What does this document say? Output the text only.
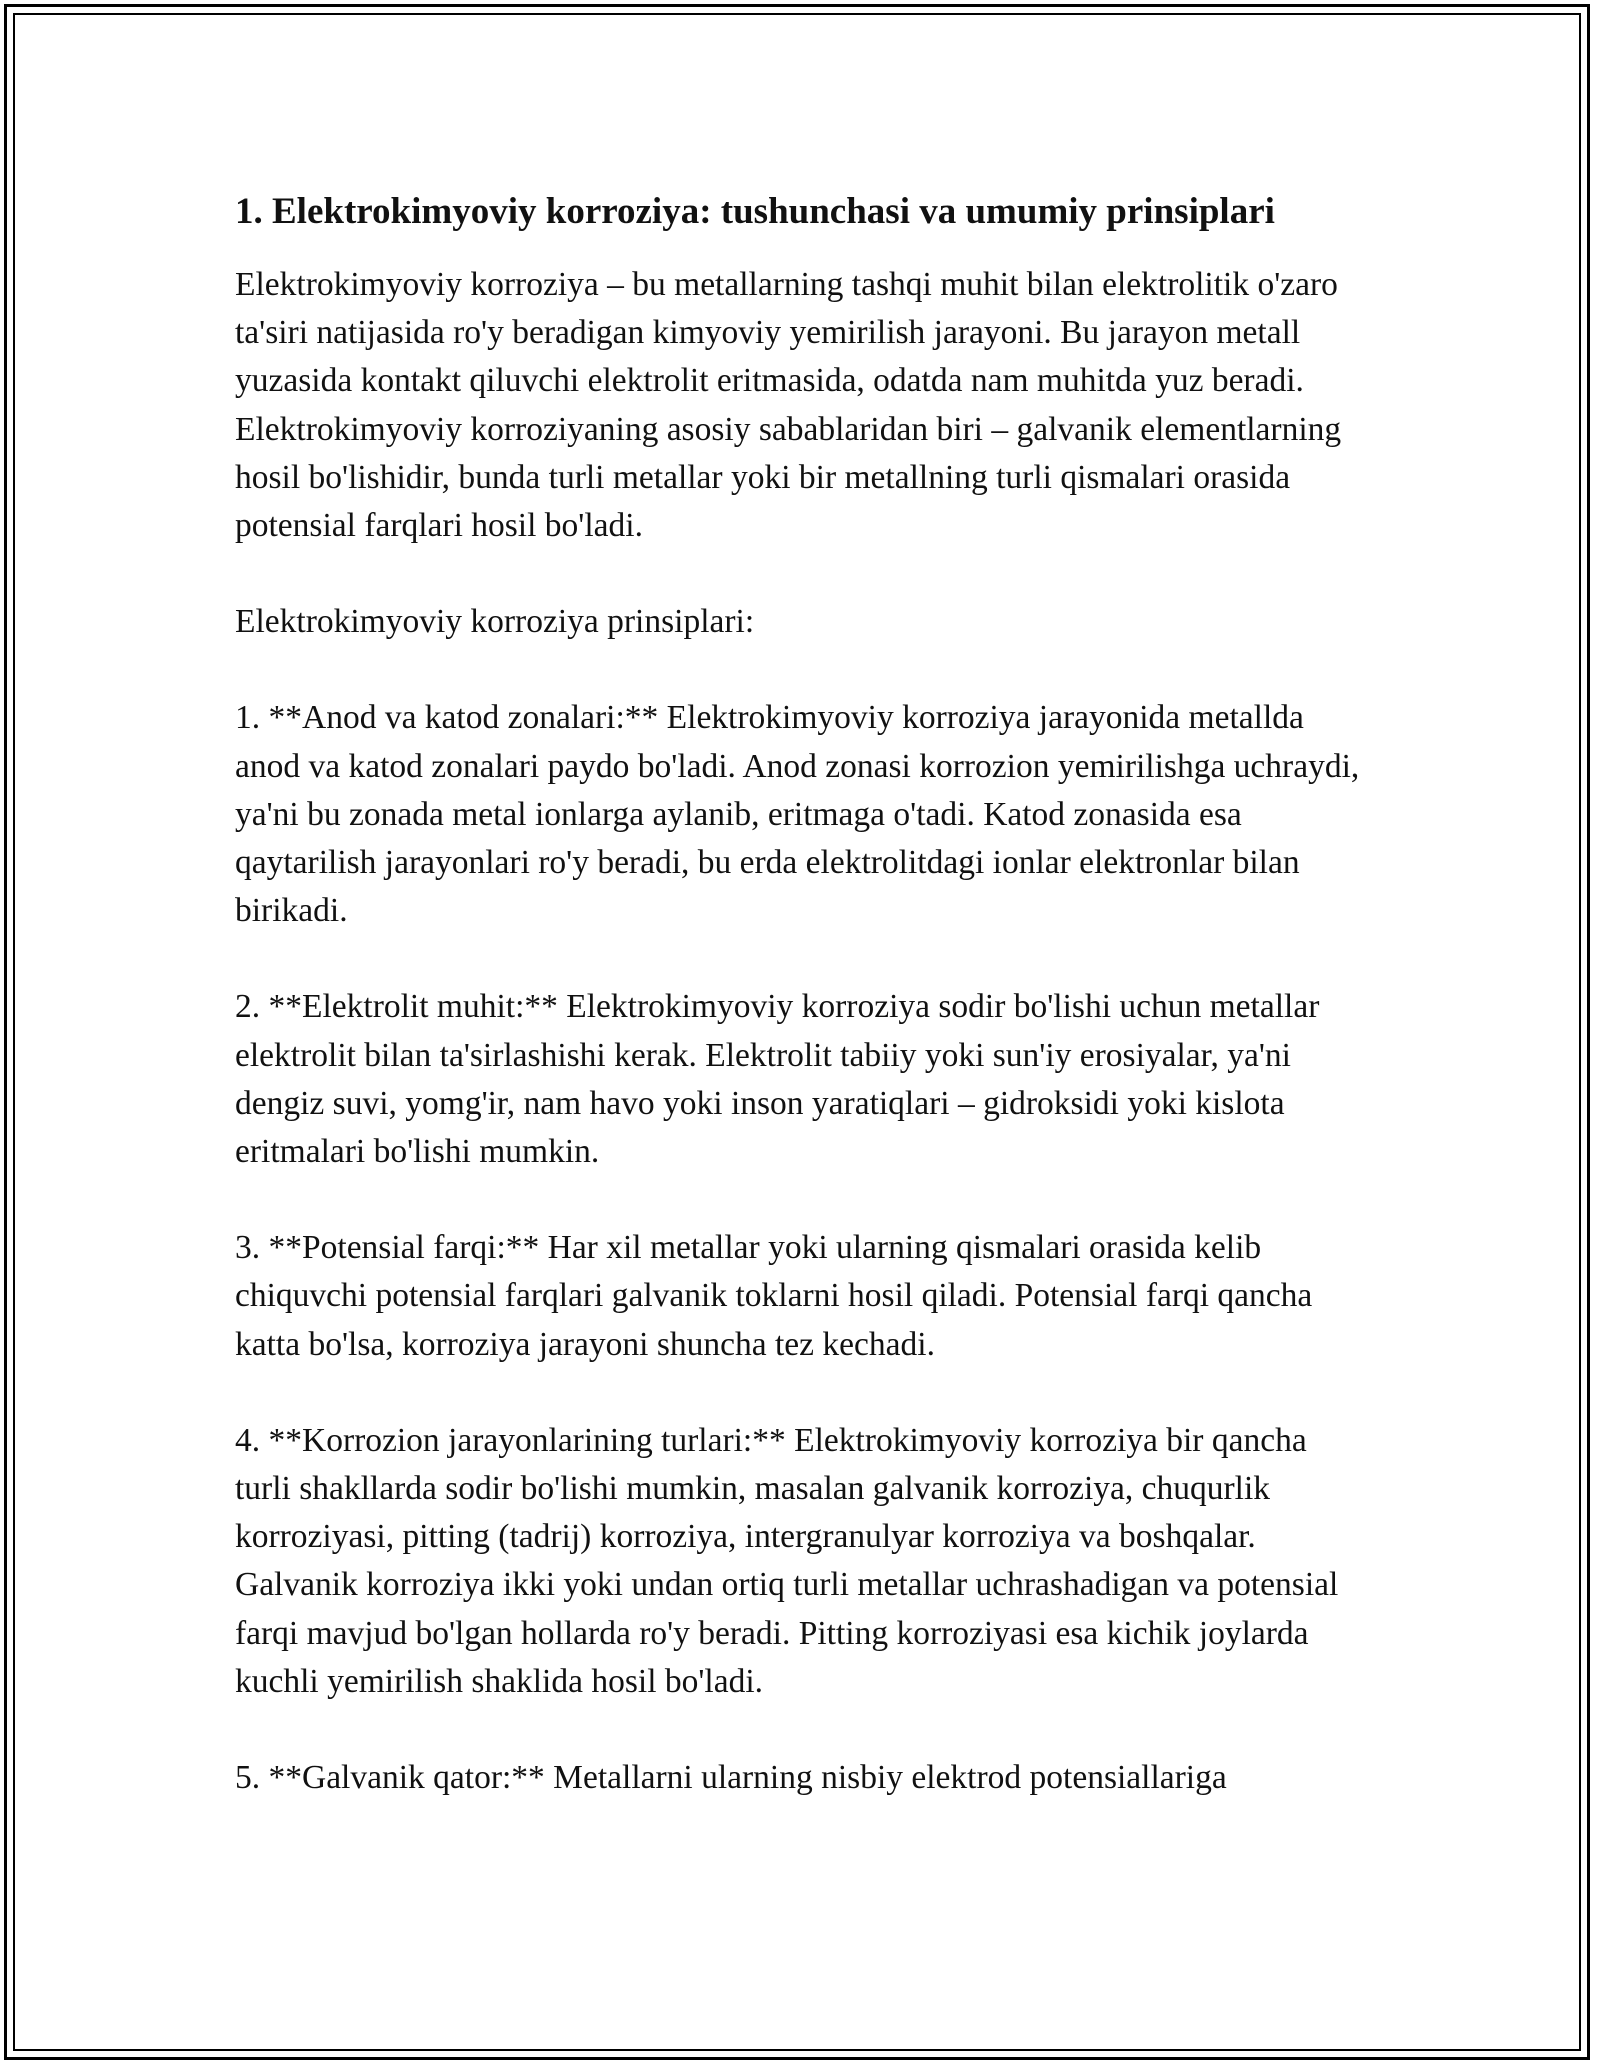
1. Elektrokimyoviy korroziya: tushunchasi va umumiy prinsiplari

Elektrokimyoviy korroziya – bu metallarning tashqi muhit bilan elektrolitik o'zaro ta'siri natijasida ro'y beradigan kimyoviy yemirilish jarayoni. Bu jarayon metall yuzasida kontakt qiluvchi elektrolit eritmasida, odatda nam muhitda yuz beradi. Elektrokimyoviy korroziyaning asosiy sabablaridan biri – galvanik elementlarning hosil bo'lishidir, bunda turli metallar yoki bir metallning turli qismalari orasida potensial farqlari hosil bo'ladi.

Elektrokimyoviy korroziya prinsiplari:

1. **Anod va katod zonalari:** Elektrokimyoviy korroziya jarayonida metallda anod va katod zonalari paydo bo'ladi. Anod zonasi korrozion yemirilishga uchraydi, ya'ni bu zonada metal ionlarga aylanib, eritmaga o'tadi. Katod zonasida esa qaytarilish jarayonlari ro'y beradi, bu erda elektrolitdagi ionlar elektronlar bilan birikadi.

2. **Elektrolit muhit:** Elektrokimyoviy korroziya sodir bo'lishi uchun metallar elektrolit bilan ta'sirlashishi kerak. Elektrolit tabiiy yoki sun'iy erosiyalar, ya'ni dengiz suvi, yomg'ir, nam havo yoki inson yaratiqlari – gidroksidi yoki kislota eritmalari bo'lishi mumkin.

3. **Potensial farqi:** Har xil metallar yoki ularning qismalari orasida kelib chiquvchi potensial farqlari galvanik toklarni hosil qiladi. Potensial farqi qancha katta bo'lsa, korroziya jarayoni shuncha tez kechadi.

4. **Korrozion jarayonlarining turlari:** Elektrokimyoviy korroziya bir qancha turli shakllarda sodir bo'lishi mumkin, masalan galvanik korroziya, chuqurlik korroziyasi, pitting (tadrij) korroziya, intergranulyar korroziya va boshqalar. Galvanik korroziya ikki yoki undan ortiq turli metallar uchrashadigan va potensial farqi mavjud bo'lgan hollarda ro'y beradi. Pitting korroziyasi esa kichik joylarda kuchli yemirilish shaklida hosil bo'ladi.

5. **Galvanik qator:** Metallarni ularning nisbiy elektrod potensiallariga
